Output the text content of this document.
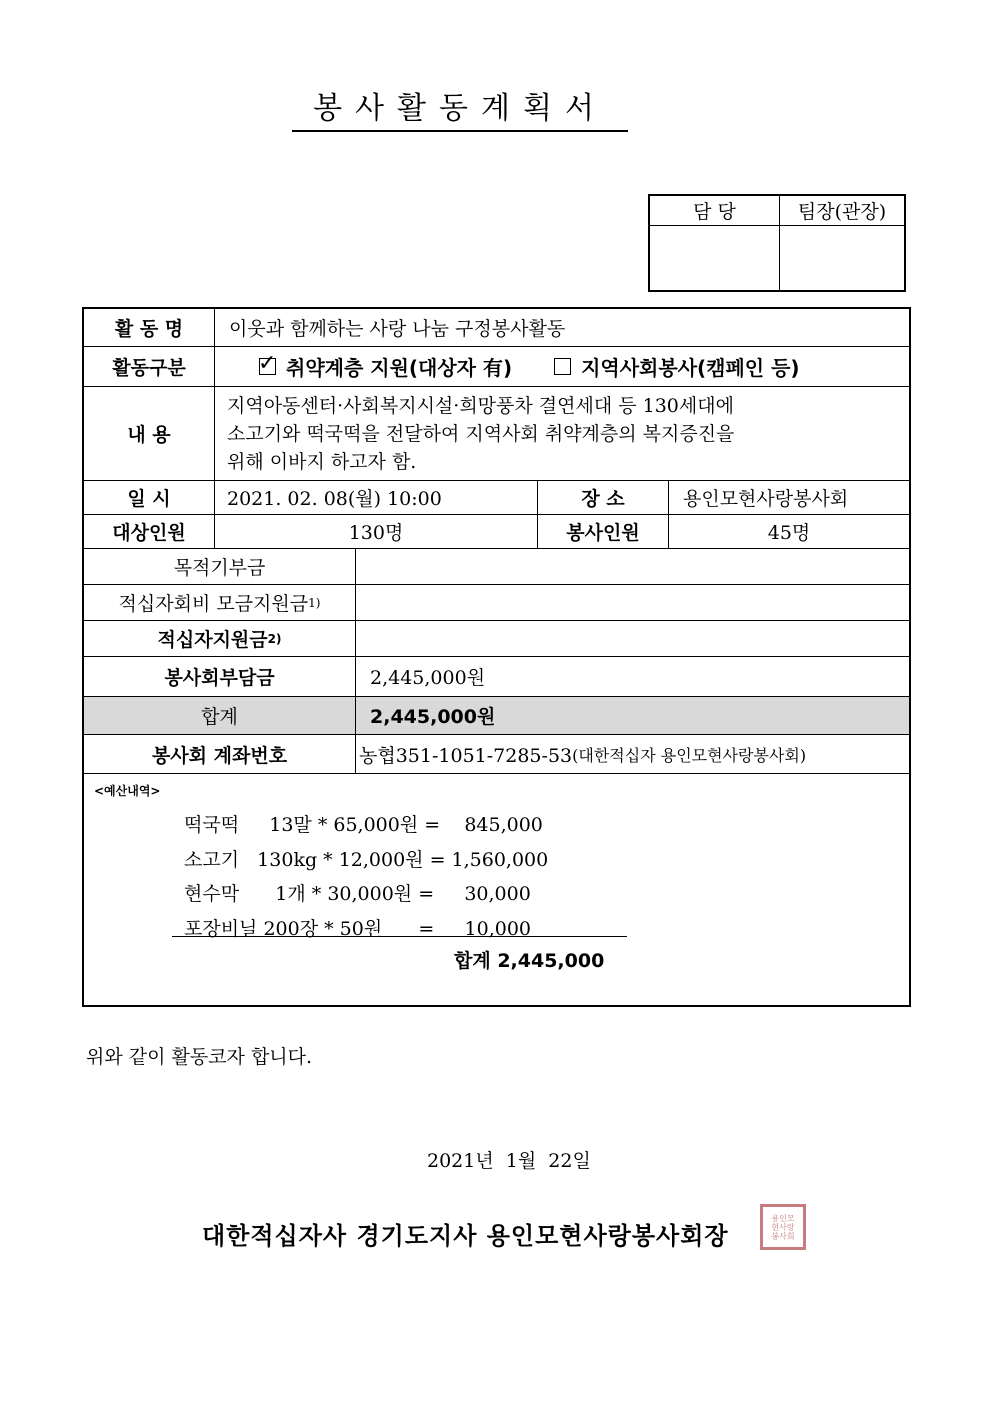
봉사활동계획서
담 당	팀장(관장)
활 동 명	이웃과 함께하는 사랑 나눔 구정봉사활동
활동구분	✓ 취약계층 지원(대상자 有)	지역사회봉사(캠페인 등)
내 용
지역아동센터·사회복지시설·희망풍차 결연세대 등 130세대에
소고기와 떡국떡을 전달하여 지역사회 취약계층의 복지증진을
위해 이바지 하고자 함.
일 시	2021. 02. 08(월) 10:00	장 소	용인모현사랑봉사회
대상인원	130명	봉사인원	45명
목적기부금
적십자회비 모금지원금 1)
적십자지원금 2)
봉사회부담금	2,445,000원
합계	2,445,000원
봉사회 계좌번호	농협351-1051-7285-53 (대한적십자 용인모현사랑봉사회)
<예산내역>
떡국떡     13말 * 65,000원 =    845,000
소고기   130kg * 12,000원 = 1,560,000
현수막      1개 * 30,000원 =     30,000
포장비닐 200장 * 50원      =     10,000
합계 2,445,000
위와 같이 활동코자 합니다.
2021년  1월  22일
대한적십자사 경기도지사 용인모현사랑봉사회장
용인모현사랑봉사회
